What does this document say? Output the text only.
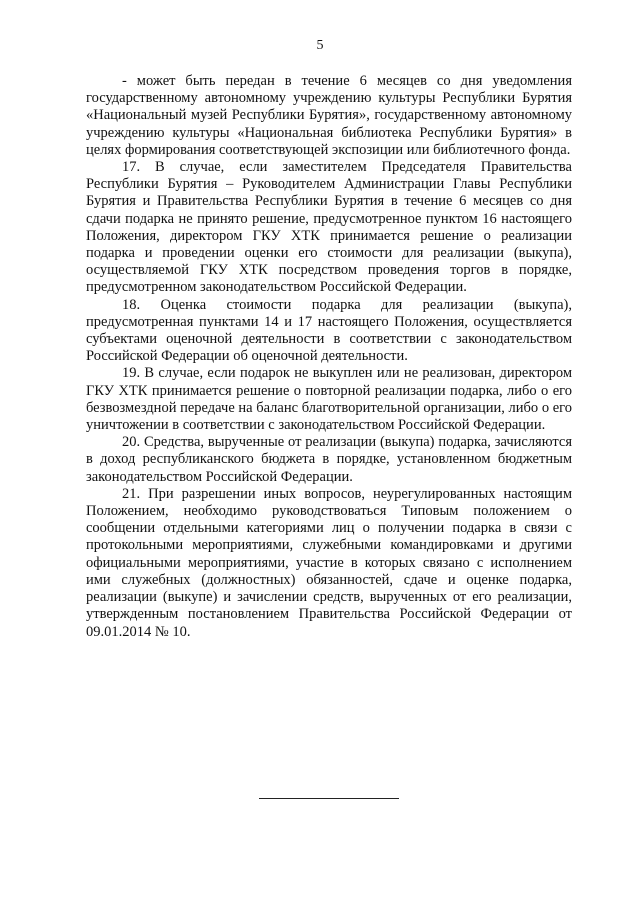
5

- может быть передан в течение 6 месяцев со дня уведомления государственному автономному учреждению культуры Республики Бурятия «Национальный музей Республики Бурятия», государственному автономному учреждению культуры «Национальная библиотека Республики Бурятия» в целях формирования соответствующей экспозиции или библиотечного фонда.

17. В случае, если заместителем Председателя Правительства Республики Бурятия – Руководителем Администрации Главы Республики Бурятия и Правительства Республики Бурятия в течение 6 месяцев со дня сдачи подарка не принято решение, предусмотренное пунктом 16 настоящего Положения, директором ГКУ ХТК принимается решение о реализации подарка и проведении оценки его стоимости для реализации (выкупа), осуществляемой ГКУ ХТК посредством проведения торгов в порядке, предусмотренном законодательством Российской Федерации.

18. Оценка стоимости подарка для реализации (выкупа), предусмотренная пунктами 14 и 17 настоящего Положения, осуществляется субъектами оценочной деятельности в соответствии с законодательством Российской Федерации об оценочной деятельности.

19. В случае, если подарок не выкуплен или не реализован, директором ГКУ ХТК принимается решение о повторной реализации подарка, либо о его безвозмездной передаче на баланс благотворительной организации, либо о его уничтожении в соответствии с законодательством Российской Федерации.

20. Средства, вырученные от реализации (выкупа) подарка, зачисляются в доход республиканского бюджета в порядке, установленном бюджетным законодательством Российской Федерации.

21. При разрешении иных вопросов, неурегулированных настоящим Положением, необходимо руководствоваться Типовым положением о сообщении отдельными категориями лиц о получении подарка в связи с протокольными мероприятиями, служебными командировками и другими официальными мероприятиями, участие в которых связано с исполнением ими служебных (должностных) обязанностей, сдаче и оценке подарка, реализации (выкупе) и зачислении средств, вырученных от его реализации, утвержденным постановлением Правительства Российской Федерации от 09.01.2014 № 10.
